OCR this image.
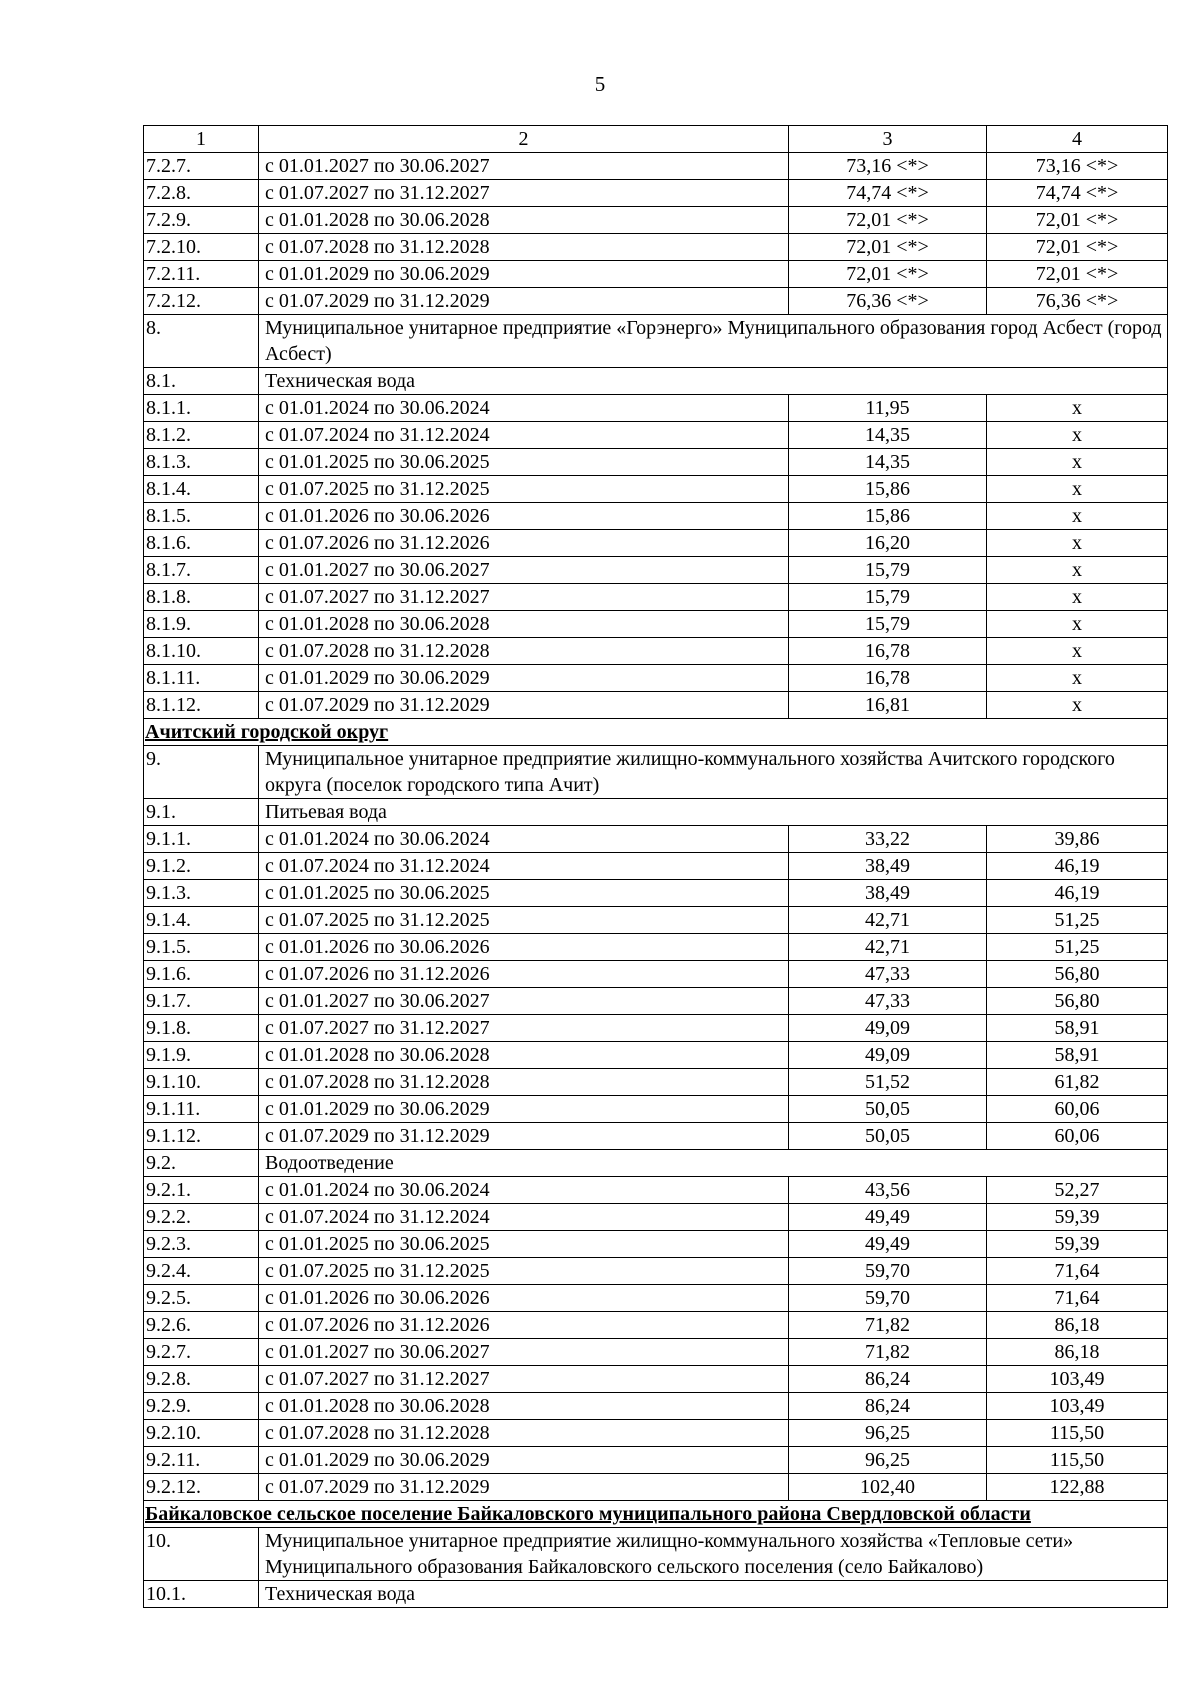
5
1	2	3	4
7.2.7.	с 01.01.2027 по 30.06.2027	73,16 <*>	73,16 <*>
7.2.8.	с 01.07.2027 по 31.12.2027	74,74 <*>	74,74 <*>
7.2.9.	с 01.01.2028 по 30.06.2028	72,01 <*>	72,01 <*>
7.2.10.	с 01.07.2028 по 31.12.2028	72,01 <*>	72,01 <*>
7.2.11.	с 01.01.2029 по 30.06.2029	72,01 <*>	72,01 <*>
7.2.12.	с 01.07.2029 по 31.12.2029	76,36 <*>	76,36 <*>
8.	Муниципальное унитарное предприятие «Горэнерго» Муниципального образования город Асбест (город Асбест)		
8.1.	Техническая вода		
8.1.1.	с 01.01.2024 по 30.06.2024	11,95	х
8.1.2.	с 01.07.2024 по 31.12.2024	14,35	х
8.1.3.	с 01.01.2025 по 30.06.2025	14,35	х
8.1.4.	с 01.07.2025 по 31.12.2025	15,86	х
8.1.5.	с 01.01.2026 по 30.06.2026	15,86	х
8.1.6.	с 01.07.2026 по 31.12.2026	16,20	х
8.1.7.	с 01.01.2027 по 30.06.2027	15,79	х
8.1.8.	с 01.07.2027 по 31.12.2027	15,79	х
8.1.9.	с 01.01.2028 по 30.06.2028	15,79	х
8.1.10.	с 01.07.2028 по 31.12.2028	16,78	х
8.1.11.	с 01.01.2029 по 30.06.2029	16,78	х
8.1.12.	с 01.07.2029 по 31.12.2029	16,81	х
Ачитский городской округ			
9.	Муниципальное унитарное предприятие жилищно-коммунального хозяйства Ачитского городского округа (поселок городского типа Ачит)		
9.1.	Питьевая вода		
9.1.1.	с 01.01.2024 по 30.06.2024	33,22	39,86
9.1.2.	с 01.07.2024 по 31.12.2024	38,49	46,19
9.1.3.	с 01.01.2025 по 30.06.2025	38,49	46,19
9.1.4.	с 01.07.2025 по 31.12.2025	42,71	51,25
9.1.5.	с 01.01.2026 по 30.06.2026	42,71	51,25
9.1.6.	с 01.07.2026 по 31.12.2026	47,33	56,80
9.1.7.	с 01.01.2027 по 30.06.2027	47,33	56,80
9.1.8.	с 01.07.2027 по 31.12.2027	49,09	58,91
9.1.9.	с 01.01.2028 по 30.06.2028	49,09	58,91
9.1.10.	с 01.07.2028 по 31.12.2028	51,52	61,82
9.1.11.	с 01.01.2029 по 30.06.2029	50,05	60,06
9.1.12.	с 01.07.2029 по 31.12.2029	50,05	60,06
9.2.	Водоотведение		
9.2.1.	с 01.01.2024 по 30.06.2024	43,56	52,27
9.2.2.	с 01.07.2024 по 31.12.2024	49,49	59,39
9.2.3.	с 01.01.2025 по 30.06.2025	49,49	59,39
9.2.4.	с 01.07.2025 по 31.12.2025	59,70	71,64
9.2.5.	с 01.01.2026 по 30.06.2026	59,70	71,64
9.2.6.	с 01.07.2026 по 31.12.2026	71,82	86,18
9.2.7.	с 01.01.2027 по 30.06.2027	71,82	86,18
9.2.8.	с 01.07.2027 по 31.12.2027	86,24	103,49
9.2.9.	с 01.01.2028 по 30.06.2028	86,24	103,49
9.2.10.	с 01.07.2028 по 31.12.2028	96,25	115,50
9.2.11.	с 01.01.2029 по 30.06.2029	96,25	115,50
9.2.12.	с 01.07.2029 по 31.12.2029	102,40	122,88
Байкаловское сельское поселение Байкаловского муниципального района Свердловской области			
10.	Муниципальное унитарное предприятие жилищно-коммунального хозяйства «Тепловые сети» Муниципального образования Байкаловского сельского поселения (село Байкалово)		
10.1.	Техническая вода		
